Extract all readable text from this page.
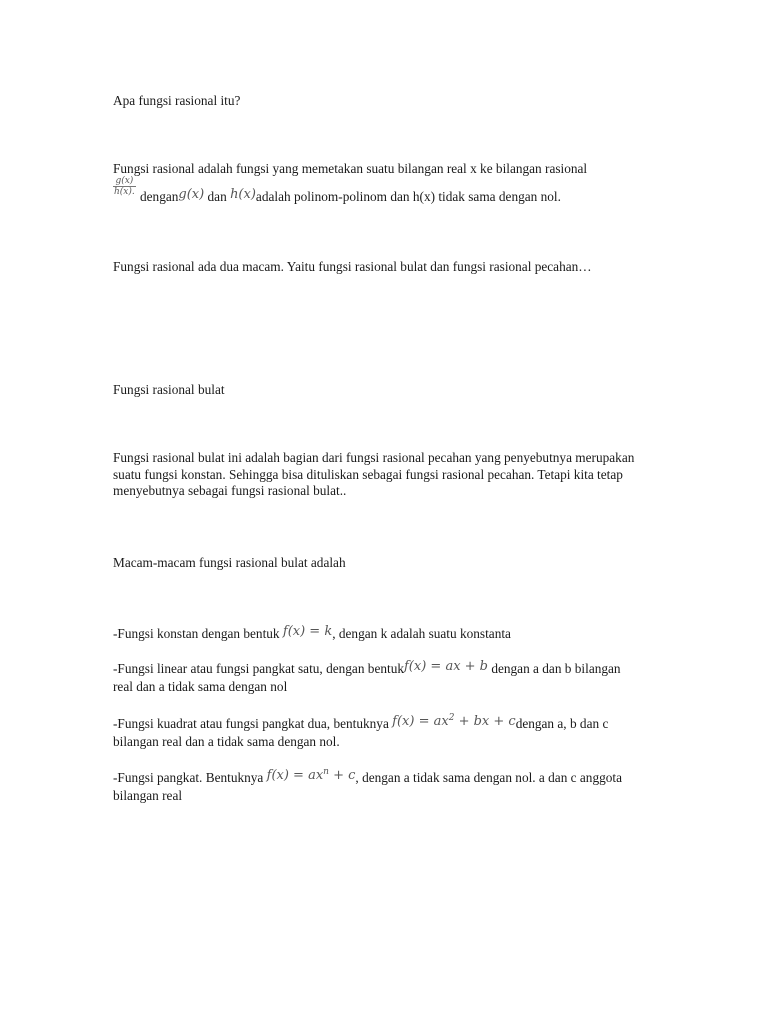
Apa fungsi rasional itu?
Fungsi rasional adalah fungsi yang memetakan suatu bilangan real x ke bilangan rasional
$\frac{g(x)}{h(x).}$ dengang(x) dan h(x)adalah polinom-polinom dan h(x) tidak sama dengan nol.
Fungsi rasional ada dua macam. Yaitu fungsi rasional bulat dan fungsi rasional pecahan…
Fungsi rasional bulat
Fungsi rasional bulat ini adalah bagian dari fungsi rasional pecahan yang penyebutnya merupakan suatu fungsi konstan. Sehingga bisa dituliskan sebagai fungsi rasional pecahan. Tetapi kita tetap menyebutnya sebagai fungsi rasional bulat..
Macam-macam fungsi rasional bulat adalah
-Fungsi konstan dengan bentuk f(x) = k, dengan k adalah suatu konstanta
-Fungsi linear atau fungsi pangkat satu, dengan bentukf(x) = ax + b dengan a dan b bilangan real dan a tidak sama dengan nol
-Fungsi kuadrat atau fungsi pangkat dua, bentuknya $f(x) = ax^2$ + bx + cdengan a, b dan c bilangan real dan a tidak sama dengan nol.
-Fungsi pangkat. Bentuknya $f(x) = ax^n + c$, dengan a tidak sama dengan nol. a dan c anggota bilangan real
